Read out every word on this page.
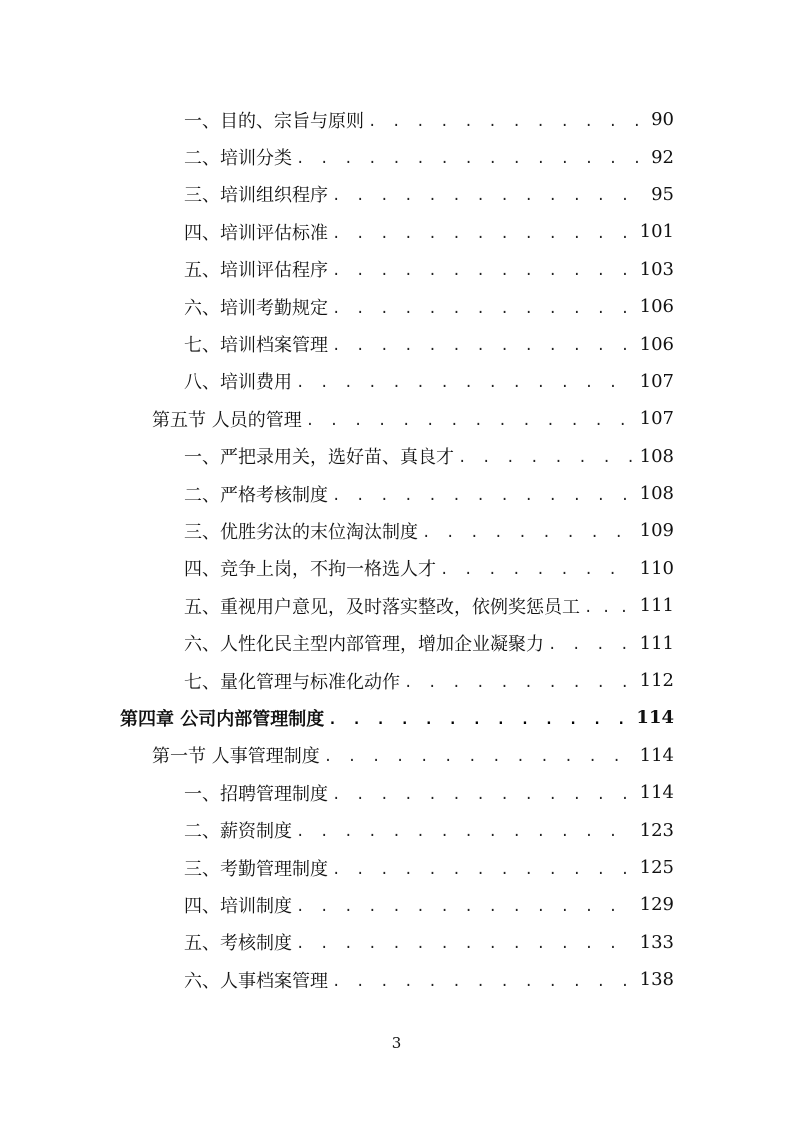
一、目的、宗旨与原则 . . .	90
二、培训分类 . . .	92
三、培训组织程序 . . .	95
四、培训评估标准 . . .	101
五、培训评估程序 . . .	103
六、培训考勤规定 . . .	106
七、培训档案管理 . . .	106
八、培训费用 . . .	107
第五节 人员的管理 . . .	107
一、严把录用关，选好苗、真良才 . . .	108
二、严格考核制度 . . .	108
三、优胜劣汰的末位淘汰制度 . . .	109
四、竞争上岗，不拘一格选人才 . . .	110
五、重视用户意见，及时落实整改，依例奖惩员工 . . .	111
六、人性化民主型内部管理，增加企业凝聚力 . . .	111
七、量化管理与标准化动作 . . .	112
第四章 公司内部管理制度 . . .	114
第一节 人事管理制度 . . .	114
一、招聘管理制度 . . .	114
二、薪资制度 . . .	123
三、考勤管理制度 . . .	125
四、培训制度 . . .	129
五、考核制度 . . .	133
六、人事档案管理 . . .	138
3
